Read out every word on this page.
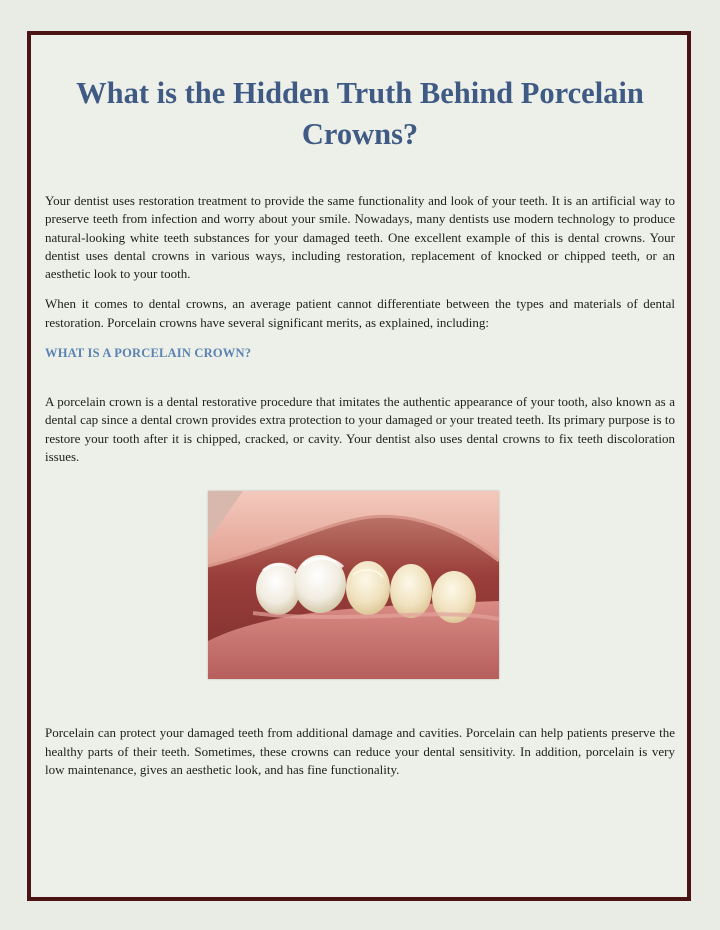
What is the Hidden Truth Behind Porcelain Crowns?

Your dentist uses restoration treatment to provide the same functionality and look of your teeth. It is an artificial way to preserve teeth from infection and worry about your smile. Nowadays, many dentists use modern technology to produce natural-looking white teeth substances for your damaged teeth. One excellent example of this is dental crowns. Your dentist uses dental crowns in various ways, including restoration, replacement of knocked or chipped teeth, or an aesthetic look to your tooth.

When it comes to dental crowns, an average patient cannot differentiate between the types and materials of dental restoration. Porcelain crowns have several significant merits, as explained, including:

WHAT IS A PORCELAIN CROWN?

A porcelain crown is a dental restorative procedure that imitates the authentic appearance of your tooth, also known as a dental cap since a dental crown provides extra protection to your damaged or your treated teeth. Its primary purpose is to restore your tooth after it is chipped, cracked, or cavity. Your dentist also uses dental crowns to fix teeth discoloration issues.

Porcelain can protect your damaged teeth from additional damage and cavities. Porcelain can help patients preserve the healthy parts of their teeth. Sometimes, these crowns can reduce your dental sensitivity. In addition, porcelain is very low maintenance, gives an aesthetic look, and has fine functionality.
